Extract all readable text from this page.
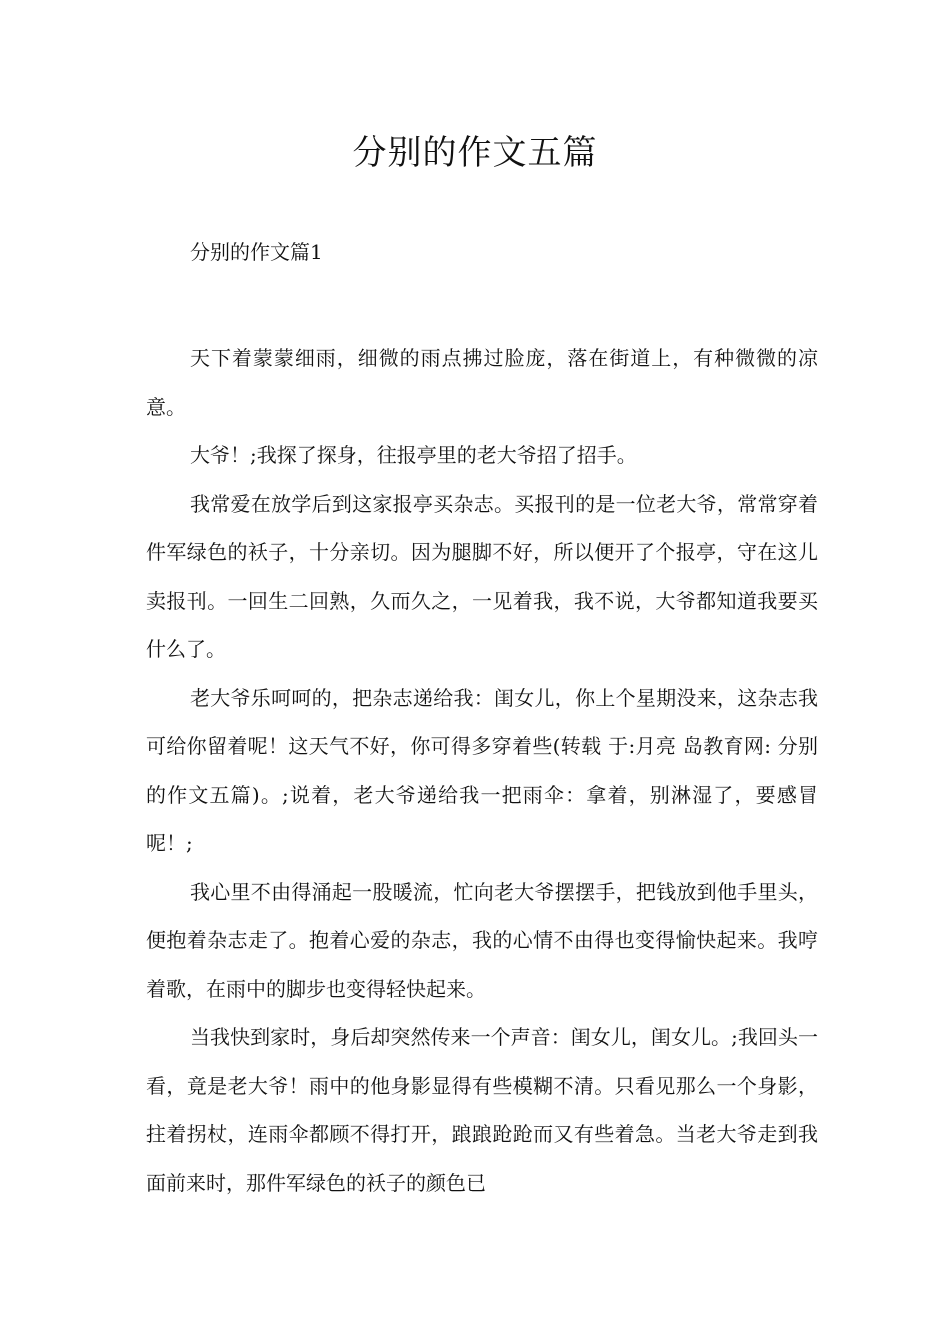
分别的作文五篇
分别的作文篇1

天下着蒙蒙细雨，细微的雨点拂过脸庞，落在街道上，有种微微的凉意。

大爷！;我探了探身，往报亭里的老大爷招了招手。

我常爱在放学后到这家报亭买杂志。买报刊的是一位老大爷，常常穿着件军绿色的袄子，十分亲切。因为腿脚不好，所以便开了个报亭，守在这儿卖报刊。一回生二回熟，久而久之，一见着我，我不说，大爷都知道我要买什么了。

老大爷乐呵呵的，把杂志递给我：闺女儿，你上个星期没来，这杂志我可给你留着呢！这天气不好，你可得多穿着些(转载 于:月亮 岛教育网: 分别的作文五篇)。;说着，老大爷递给我一把雨伞：拿着，别淋湿了，要感冒呢！;

我心里不由得涌起一股暖流，忙向老大爷摆摆手，把钱放到他手里头，便抱着杂志走了。抱着心爱的杂志，我的心情不由得也变得愉快起来。我哼着歌，在雨中的脚步也变得轻快起来。

当我快到家时，身后却突然传来一个声音：闺女儿，闺女儿。;我回头一看，竟是老大爷！雨中的他身影显得有些模糊不清。只看见那么一个身影，拄着拐杖，连雨伞都顾不得打开，踉踉跄跄而又有些着急。当老大爷走到我面前来时，那件军绿色的袄子的颜色已
